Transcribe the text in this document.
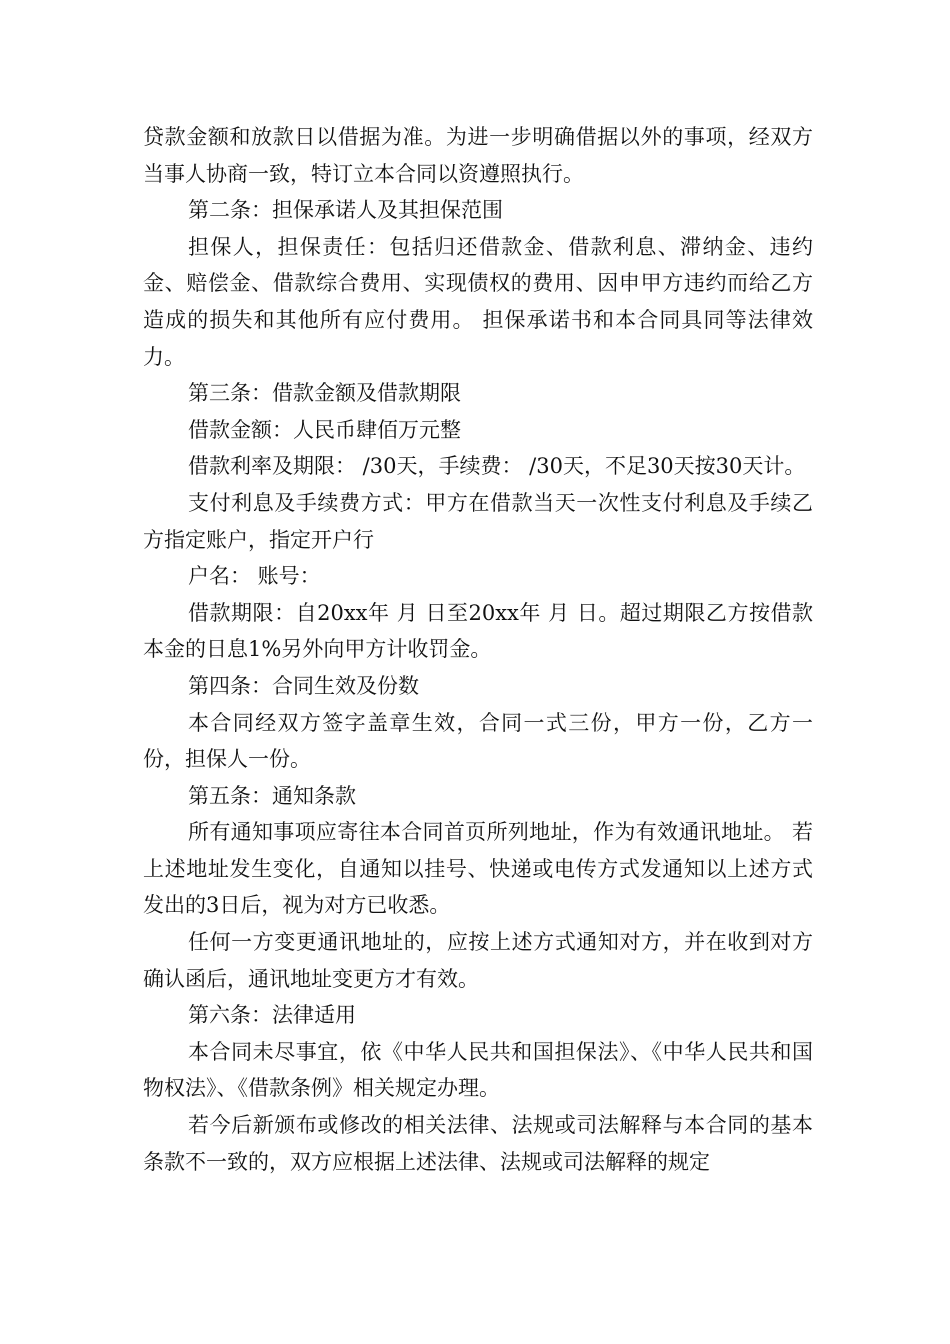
贷款金额和放款日以借据为准。为进一步明确借据以外的事项，经双方当事人协商一致，特订立本合同以资遵照执行。

第二条：担保承诺人及其担保范围

担保人，担保责任：包括归还借款金、借款利息、滞纳金、违约金、赔偿金、借款综合费用、实现债权的费用、因申甲方违约而给乙方造成的损失和其他所有应付费用。 担保承诺书和本合同具同等法律效力。

第三条：借款金额及借款期限

借款金额：人民币肆佰万元整

借款利率及期限： /30天，手续费： /30天，不足30天按30天计。

支付利息及手续费方式：甲方在借款当天一次性支付利息及手续乙方指定账户，指定开户行

户名： 账号：

借款期限：自20xx年 月 日至20xx年 月 日。超过期限乙方按借款本金的日息1%另外向甲方计收罚金。

第四条：合同生效及份数

本合同经双方签字盖章生效，合同一式三份，甲方一份，乙方一份，担保人一份。

第五条：通知条款

所有通知事项应寄往本合同首页所列地址，作为有效通讯地址。 若上述地址发生变化，自通知以挂号、快递或电传方式发通知以上述方式发出的3日后，视为对方已收悉。

任何一方变更通讯地址的，应按上述方式通知对方，并在收到对方确认函后，通讯地址变更方才有效。

第六条：法律适用

本合同未尽事宜，依《中华人民共和国担保法》、《中华人民共和国物权法》、《借款条例》相关规定办理。

若今后新颁布或修改的相关法律、法规或司法解释与本合同的基本条款不一致的，双方应根据上述法律、法规或司法解释的规定
